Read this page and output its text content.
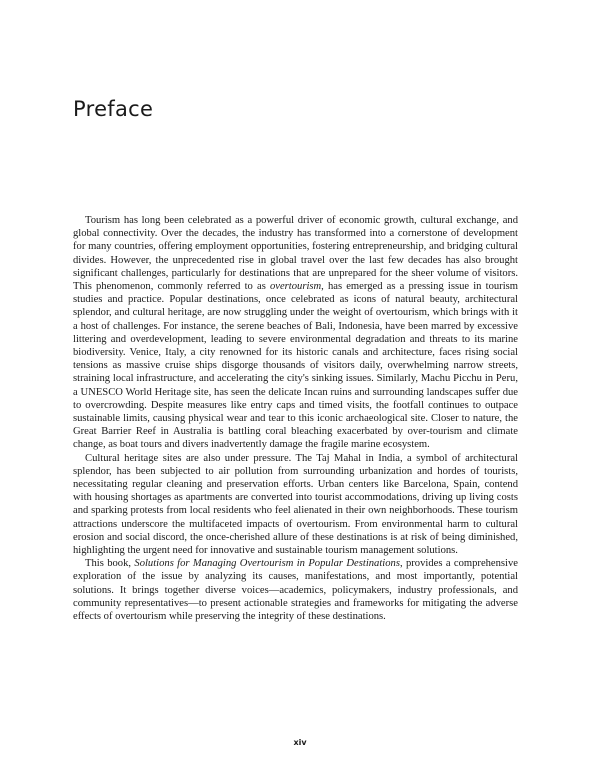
Preface

Tourism has long been celebrated as a powerful driver of economic growth, cultural exchange, and global connectivity. Over the decades, the industry has transformed into a cornerstone of development for many countries, offering employment opportunities, fostering entrepreneurship, and bridging cultural divides. However, the unprecedented rise in global travel over the last few decades has also brought significant challenges, particularly for destinations that are unprepared for the sheer volume of visitors. This phenomenon, commonly referred to as overtourism, has emerged as a pressing issue in tourism studies and practice. Popular destinations, once celebrated as icons of natural beauty, architectural splendor, and cultural heritage, are now struggling under the weight of overtourism, which brings with it a host of challenges. For instance, the serene beaches of Bali, Indonesia, have been marred by excessive littering and overdevelopment, leading to severe environmental degradation and threats to its marine biodiversity. Venice, Italy, a city renowned for its historic canals and architecture, faces rising social tensions as massive cruise ships disgorge thousands of visitors daily, overwhelming narrow streets, straining local infrastructure, and accelerating the city's sinking issues. Similarly, Machu Picchu in Peru, a UNESCO World Heritage site, has seen the delicate Incan ruins and surrounding landscapes suffer due to overcrowding. Despite measures like entry caps and timed visits, the footfall continues to outpace sustainable limits, causing physical wear and tear to this iconic archaeological site. Closer to nature, the Great Barrier Reef in Australia is battling coral bleaching exacerbated by over-tourism and climate change, as boat tours and divers inadvertently damage the fragile marine ecosystem.

Cultural heritage sites are also under pressure. The Taj Mahal in India, a symbol of architectural splendor, has been subjected to air pollution from surrounding urbanization and hordes of tourists, necessitating regular cleaning and preservation efforts. Urban centers like Barcelona, Spain, contend with housing shortages as apartments are converted into tourist accommodations, driving up living costs and sparking protests from local residents who feel alienated in their own neighborhoods. These tourism attractions underscore the multifaceted impacts of overtourism. From environmental harm to cultural erosion and social discord, the once-cherished allure of these destinations is at risk of being diminished, highlighting the urgent need for innovative and sustainable tourism management solutions.

This book, Solutions for Managing Overtourism in Popular Destinations, provides a comprehensive exploration of the issue by analyzing its causes, manifestations, and most importantly, potential solutions. It brings together diverse voices—academics, policymakers, industry professionals, and community representatives—to present actionable strategies and frameworks for mitigating the adverse effects of overtourism while preserving the integrity of these destinations.

xiv
